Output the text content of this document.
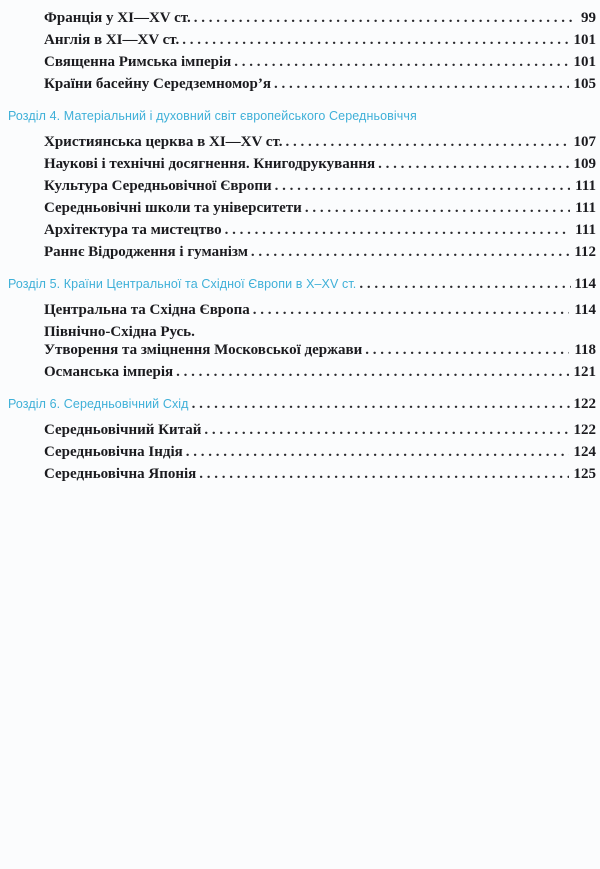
Франція у XI—XV ст. . . .	99
Англія в XI—XV ст. . . .	101
Священна Римська імперія . . .	101
Країни басейну Середземномор’я . . .	105
Розділ 4. Матеріальний і духовний світ європейського Середньовіччя
Християнська церква в XI—XV ст. . . .	107
Наукові і технічні досягнення. Книгодрукування . . .	109
Культура Середньовічної Європи . . .	111
Середньовічні школи та університети . . .	111
Архітектура та мистецтво . . .	111
Раннє Відродження і гуманізм . . .	112
Розділ 5. Країни Центральної та Східної Європи в X–XV ст. . . .	114
Центральна та Східна Європа . . .	114
Північно-Східна Русь.
Утворення та зміцнення Московської держави . . .	118
Османська імперія . . .	121
Розділ 6. Середньовічний Схід . . .	122
Середньовічний Китай . . .	122
Середньовічна Індія . . .	124
Середньовічна Японія . . .	125
